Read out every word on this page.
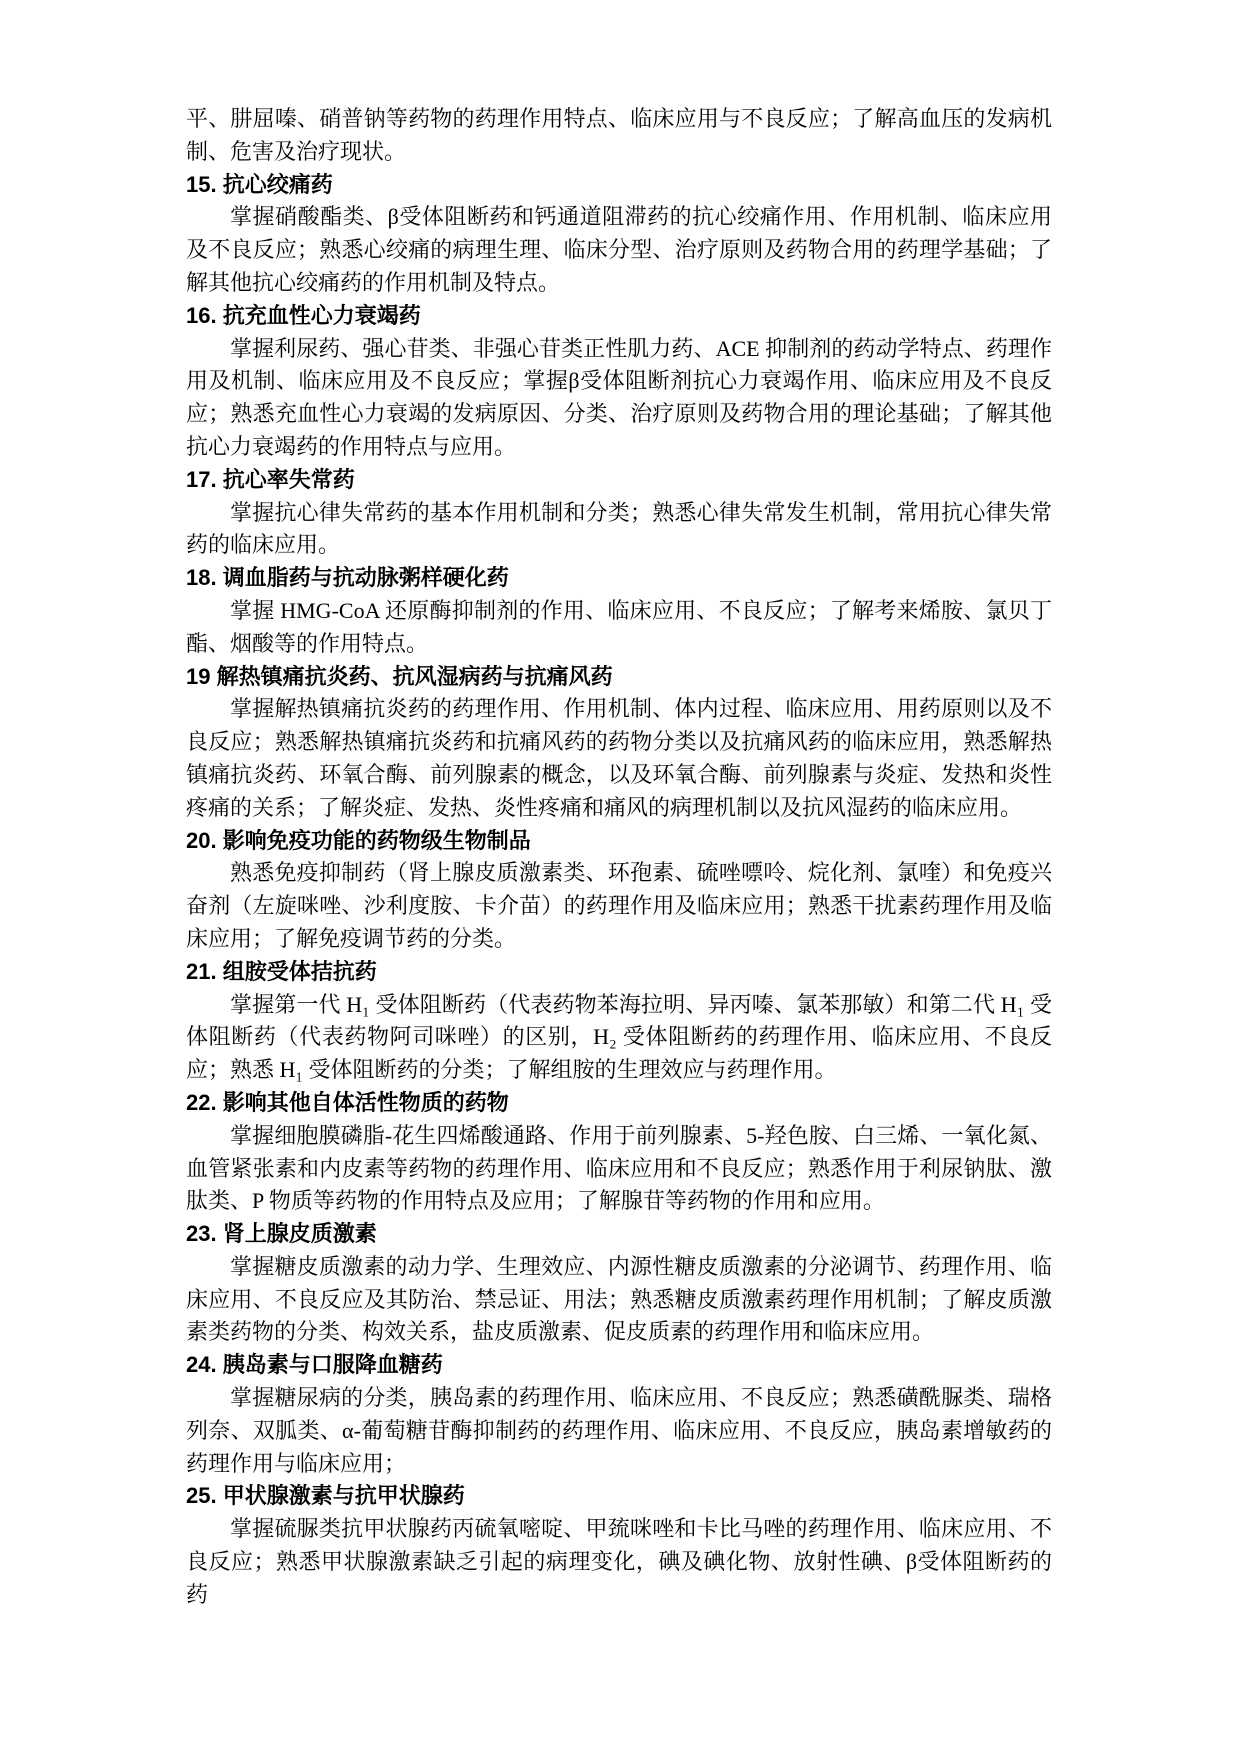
平、肼屈嗪、硝普钠等药物的药理作用特点、临床应用与不良反应；了解高血压的发病机制、危害及治疗现状。

15. 抗心绞痛药

掌握硝酸酯类、β受体阻断药和钙通道阻滞药的抗心绞痛作用、作用机制、临床应用及不良反应；熟悉心绞痛的病理生理、临床分型、治疗原则及药物合用的药理学基础；了解其他抗心绞痛药的作用机制及特点。

16. 抗充血性心力衰竭药

掌握利尿药、强心苷类、非强心苷类正性肌力药、ACE 抑制剂的药动学特点、药理作用及机制、临床应用及不良反应；掌握β受体阻断剂抗心力衰竭作用、临床应用及不良反应；熟悉充血性心力衰竭的发病原因、分类、治疗原则及药物合用的理论基础；了解其他抗心力衰竭药的作用特点与应用。

17. 抗心率失常药

掌握抗心律失常药的基本作用机制和分类；熟悉心律失常发生机制，常用抗心律失常药的临床应用。

18. 调血脂药与抗动脉粥样硬化药

掌握 HMG-CoA 还原酶抑制剂的作用、临床应用、不良反应；了解考来烯胺、氯贝丁酯、烟酸等的作用特点。

19 解热镇痛抗炎药、抗风湿病药与抗痛风药

掌握解热镇痛抗炎药的药理作用、作用机制、体内过程、临床应用、用药原则以及不良反应；熟悉解热镇痛抗炎药和抗痛风药的药物分类以及抗痛风药的临床应用，熟悉解热镇痛抗炎药、环氧合酶、前列腺素的概念，以及环氧合酶、前列腺素与炎症、发热和炎性疼痛的关系；了解炎症、发热、炎性疼痛和痛风的病理机制以及抗风湿药的临床应用。

20. 影响免疫功能的药物级生物制品

熟悉免疫抑制药（肾上腺皮质激素类、环孢素、硫唑嘌呤、烷化剂、氯喹）和免疫兴奋剂（左旋咪唑、沙利度胺、卡介苗）的药理作用及临床应用；熟悉干扰素药理作用及临床应用；了解免疫调节药的分类。

21. 组胺受体拮抗药

掌握第一代 H₁ 受体阻断药（代表药物苯海拉明、异丙嗪、氯苯那敏）和第二代 H₁ 受体阻断药（代表药物阿司咪唑）的区别，H₂ 受体阻断药的药理作用、临床应用、不良反应；熟悉 H₁ 受体阻断药的分类；了解组胺的生理效应与药理作用。

22. 影响其他自体活性物质的药物

掌握细胞膜磷脂-花生四烯酸通路、作用于前列腺素、5-羟色胺、白三烯、一氧化氮、血管紧张素和内皮素等药物的药理作用、临床应用和不良反应；熟悉作用于利尿钠肽、激肽类、P 物质等药物的作用特点及应用；了解腺苷等药物的作用和应用。

23. 肾上腺皮质激素

掌握糖皮质激素的动力学、生理效应、内源性糖皮质激素的分泌调节、药理作用、临床应用、不良反应及其防治、禁忌证、用法；熟悉糖皮质激素药理作用机制；了解皮质激素类药物的分类、构效关系，盐皮质激素、促皮质素的药理作用和临床应用。

24. 胰岛素与口服降血糖药

掌握糖尿病的分类，胰岛素的药理作用、临床应用、不良反应；熟悉磺酰脲类、瑞格列奈、双胍类、α-葡萄糖苷酶抑制药的药理作用、临床应用、不良反应，胰岛素增敏药的药理作用与临床应用；

25. 甲状腺激素与抗甲状腺药

掌握硫脲类抗甲状腺药丙硫氧嘧啶、甲巯咪唑和卡比马唑的药理作用、临床应用、不良反应；熟悉甲状腺激素缺乏引起的病理变化，碘及碘化物、放射性碘、β受体阻断药的药
